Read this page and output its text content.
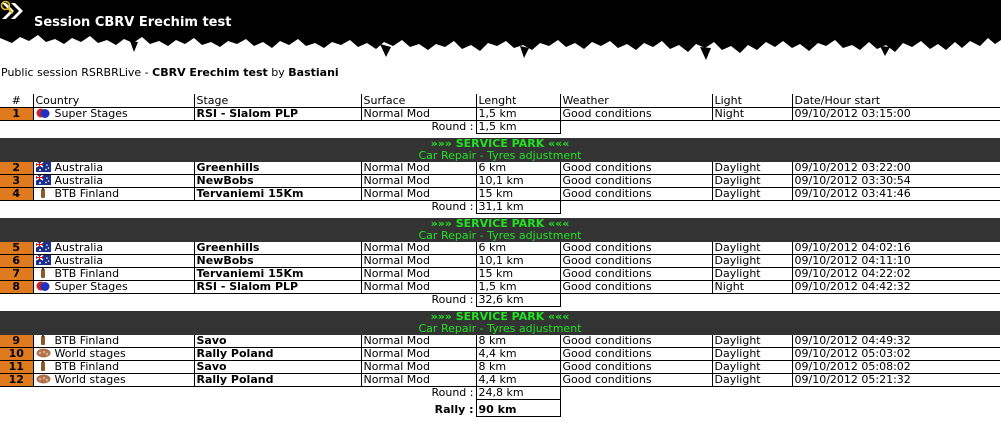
Session CBRV Erechim test
Public session RSRBRLive - CBRV Erechim test by Bastiani
#	Country	Stage	Surface	Lenght	Weather	Light	Date/Hour start
1	Super Stages	RSI - Slalom PLP	Normal Mod	1,5 km	Good conditions	Night	09/10/2012 03:15:00
Round :				1,5 km			

»»» SERVICE PARK «««							
Car Repair - Tyres adjustment							
2	Australia	Greenhills	Normal Mod	6 km	Good conditions	Daylight	09/10/2012 03:22:00
3	Australia	NewBobs	Normal Mod	10,1 km	Good conditions	Daylight	09/10/2012 03:30:54
4	BTB Finland	Tervaniemi 15Km	Normal Mod	15 km	Good conditions	Daylight	09/10/2012 03:41:46
Round :				31,1 km			

»»» SERVICE PARK «««							
Car Repair - Tyres adjustment							
5	Australia	Greenhills	Normal Mod	6 km	Good conditions	Daylight	09/10/2012 04:02:16
6	Australia	NewBobs	Normal Mod	10,1 km	Good conditions	Daylight	09/10/2012 04:11:10
7	BTB Finland	Tervaniemi 15Km	Normal Mod	15 km	Good conditions	Daylight	09/10/2012 04:22:02
8	Super Stages	RSI - Slalom PLP	Normal Mod	1,5 km	Good conditions	Night	09/10/2012 04:42:32
Round :				32,6 km			

»»» SERVICE PARK «««							
Car Repair - Tyres adjustment							
9	BTB Finland	Savo	Normal Mod	8 km	Good conditions	Daylight	09/10/2012 04:49:32
10	World stages	Rally Poland	Normal Mod	4,4 km	Good conditions	Daylight	09/10/2012 05:03:02
11	BTB Finland	Savo	Normal Mod	8 km	Good conditions	Daylight	09/10/2012 05:08:02
12	World stages	Rally Poland	Normal Mod	4,4 km	Good conditions	Daylight	09/10/2012 05:21:32
Round :				24,8 km			
Rally :				90 km			
